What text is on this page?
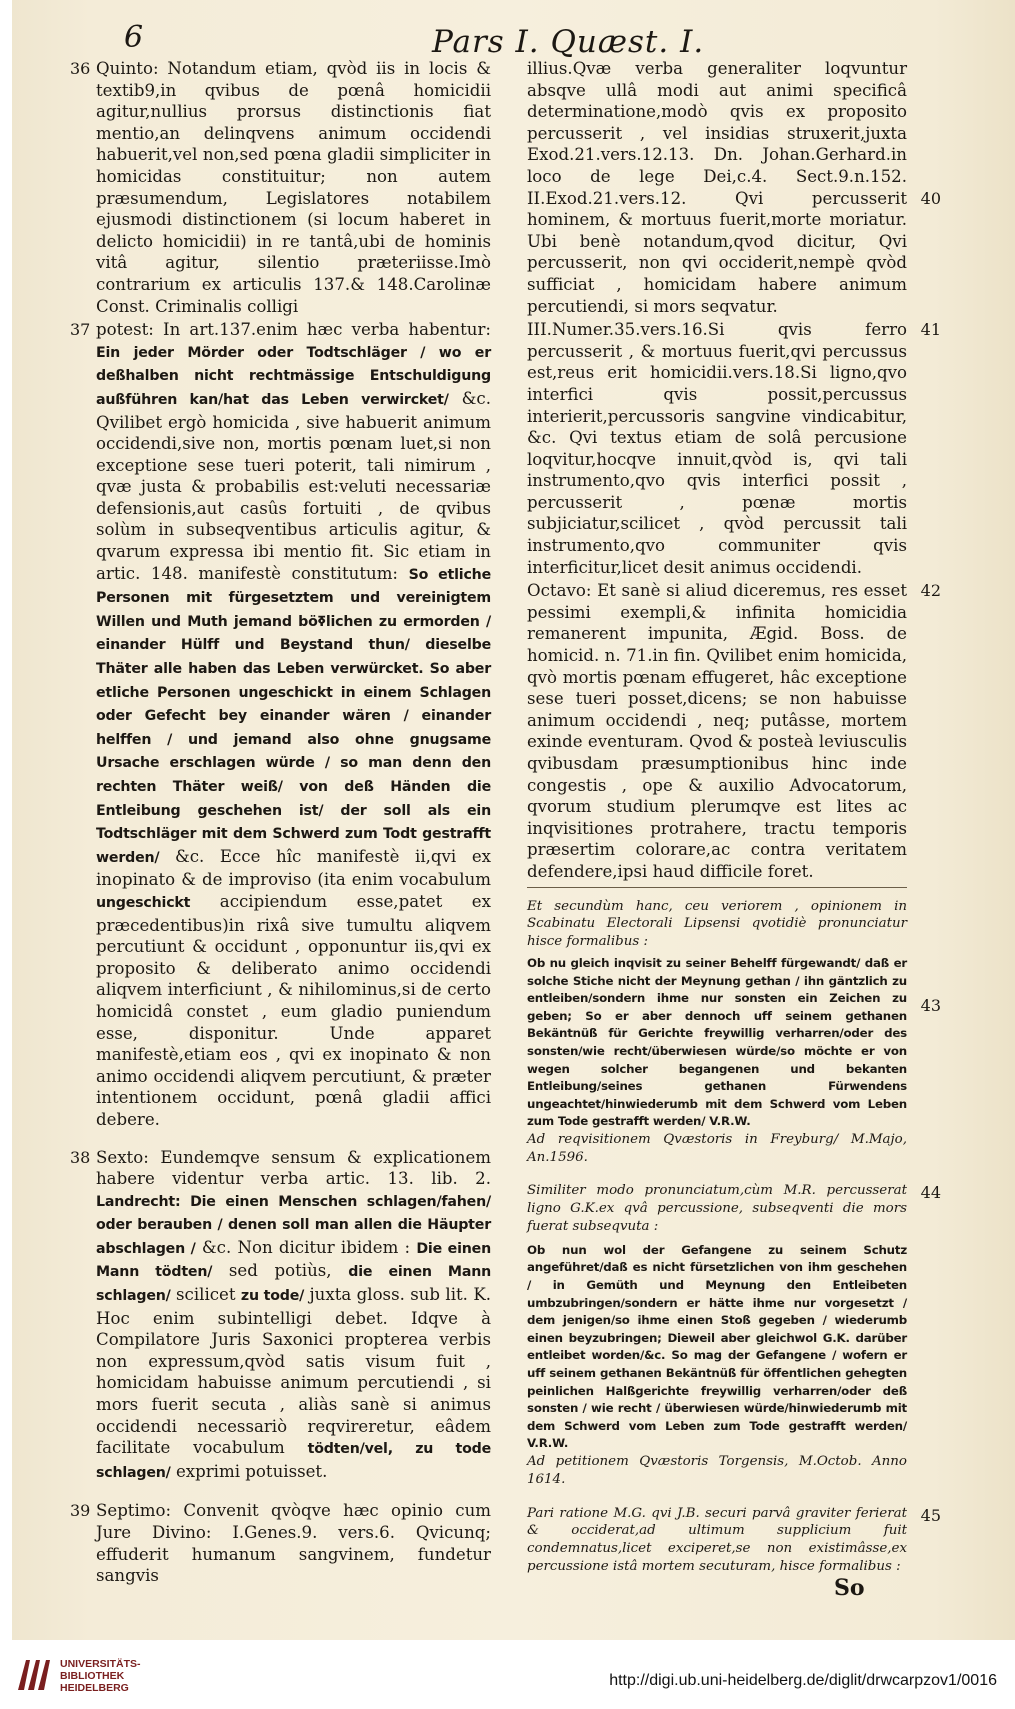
6	Pars I. Quæst. I.
36 Quinto: Notandum etiam, qvòd iis in locis & textib9,in qvibus de pœnâ homicidii agitur,nullius prorsus distinctionis fiat mentio,an delinqvens animum occidendi habuerit,vel non,sed pœna gladii simpliciter in homicidas constituitur; non autem præsumendum, Legislatores notabilem ejusmodi distinctionem (si locum haberet in delicto homicidii) in re tantâ,ubi de hominis vitâ agitur, silentio præteriisse.Imò contrarium ex articulis 137.& 148.Carolinæ Const. Criminalis colligi

37 potest: In art.137.enim hæc verba habentur: Ein jeder Mörder oder Todtschläger / wo er deßhalben nicht rechtmässige Entschuldigung außführen kan/hat das Leben verwircket/ &c. Qvilibet ergò homicida , sive habuerit animum occidendi,sive non, mortis pœnam luet,si non exceptione sese tueri poterit, tali nimirum , qvæ justa & probabilis est:veluti necessariæ defensionis,aut casûs fortuiti , de qvibus solùm in subseqventibus articulis agitur, & qvarum expressa ibi mentio fit. Sic etiam in artic. 148. manifestè constitutum: So etliche Personen mit fürgesetztem und vereinigtem Willen und Muth jemand böߧlichen zu ermorden / einander Hülff und Beystand thun/ dieselbe Thäter alle haben das Leben verwürcket. So aber etliche Personen ungeschickt in einem Schlagen oder Gefecht bey einander wären / einander helffen / und jemand also ohne gnugsame Ursache erschlagen würde / so man denn den rechten Thäter weiß/ von deß Händen die Entleibung geschehen ist/ der soll als ein Todtschläger mit dem Schwerd zum Todt gestrafft werden/ &c. Ecce hîc manifestè ii,qvi ex inopinato & de improviso (ita enim vocabulum ungeschickt accipiendum esse,patet ex præcedentibus)in rixâ sive tumultu aliqvem percutiunt & occidunt , opponuntur iis,qvi ex proposito & deliberato animo occidendi aliqvem interficiunt , & nihilominus,si de certo homicidâ constet , eum gladio puniendum esse, disponitur. Unde apparet manifestè,etiam eos , qvi ex inopinato & non animo occidendi aliqvem percutiunt, & præter intentionem occidunt, pœnâ gladii affici debere.

38 Sexto: Eundemqve sensum & explicationem habere videntur verba artic. 13. lib. 2. Landrecht: Die einen Menschen schlagen/fahen/ oder berauben / denen soll man allen die Häupter abschlagen / &c. Non dicitur ibidem : Die einen Mann tödten/ sed potiùs, die einen Mann schlagen/ scilicet zu tode/ juxta gloss. sub lit. K. Hoc enim subintelligi debet. Idqve à Compilatore Juris Saxonici propterea verbis non expressum,qvòd satis visum fuit , homicidam habuisse animum percutiendi , si mors fuerit secuta , aliàs sanè si animus occidendi necessariò reqvireretur, eâdem facilitate vocabulum tödten/vel, zu tode schlagen/ exprimi potuisset.

39 Septimo: Convenit qvòqve hæc opinio cum Jure Divino: I.Genes.9. vers.6. Qvicunq; effuderit humanum sangvinem, fundetur sangvis

40

illius.Qvæ verba generaliter loqvuntur absqve ullâ modi aut animi specificâ determinatione,modò qvis ex proposito percusserit , vel insidias struxerit,juxta Exod.21.vers.12.13. Dn. Johan.Gerhard.in loco de lege Dei,c.4. Sect.9.n.152. II.Exod.21.vers.12. Qvi percusserit hominem, & mortuus fuerit,morte moriatur. Ubi benè notandum,qvod dicitur, Qvi percusserit, non qvi occiderit,nempè qvòd sufficiat , homicidam habere animum percutiendi, si mors seqvatur.

41

III.Numer.35.vers.16.Si qvis ferro percusserit , & mortuus fuerit,qvi percussus est,reus erit homicidii.vers.18.Si ligno,qvo interfici qvis possit,percussus interierit,percussoris sangvine vindicabitur, &c. Qvi textus etiam de solâ percusione loqvitur,hocqve innuit,qvòd is, qvi tali instrumento,qvo qvis interfici possit , percusserit , pœnæ mortis subjiciatur,scilicet , qvòd percussit tali instrumento,qvo communiter qvis interficitur,licet desit animus occidendi.

42

Octavo: Et sanè si aliud diceremus, res esset pessimi exempli,& infinita homicidia remanerent impunita, Ægid. Boss. de homicid. n. 71.in fin. Qvilibet enim homicida, qvò mortis pœnam effugeret, hâc exceptione sese tueri posset,dicens; se non habuisse animum occidendi , neq; putâsse, mortem exinde eventuram. Qvod & posteà leviusculis qvibusdam præsumptionibus hinc inde congestis , ope & auxilio Advocatorum, qvorum studium plerumqve est lites ac inqvisitiones protrahere, tractu temporis præsertim colorare,ac contra veritatem defendere,ipsi haud difficile foret.

Et secundùm hanc, ceu veriorem , opinionem in Scabinatu Electorali Lipsensi qvotidiè pronunciatur hisce formalibus :

43

Ob nu gleich inqvisit zu seiner Behelff fürgewandt/ daß er solche Stiche nicht der Meynung gethan / ihn gäntzlich zu entleiben/sondern ihme nur sonsten ein Zeichen zu geben; So er aber dennoch uff seinem gethanen Bekäntnüß für Gerichte freywillig verharren/oder des sonsten/wie recht/überwiesen würde/so möchte er von wegen solcher begangenen und bekanten Entleibung/seines gethanen Fürwendens ungeachtet/hinwiederumb mit dem Schwerd vom Leben zum Tode gestrafft werden/ V.R.W.

Ad reqvisitionem Qvæstoris in Freyburg/ M.Majo, An.1596.

44

Similiter modo pronunciatum,cùm M.R. percusserat ligno G.K.ex qvâ percussione, subseqventi die mors fuerat subseqvuta :

Ob nun wol der Gefangene zu seinem Schutz angeführet/daß es nicht fürsetzlichen von ihm geschehen / in Gemüth und Meynung den Entleibeten umbzubringen/sondern er hätte ihme nur vorgesetzt / dem jenigen/so ihme einen Stoß gegeben / wiederumb einen beyzubringen; Dieweil aber gleichwol G.K. darüber entleibet worden/&c. So mag der Gefangene / wofern er uff seinem gethanen Bekäntnüß für öffentlichen gehegten peinlichen Halßgerichte freywillig verharren/oder deß sonsten / wie recht / überwiesen würde/hinwiederumb mit dem Schwerd vom Leben zum Tode gestrafft werden/ V.R.W.

Ad petitionem Qvæstoris Torgensis, M.Octob. Anno 1614.

45

Pari ratione M.G. qvi J.B. securi parvâ graviter ferierat & occiderat,ad ultimum supplicium fuit condemnatus,licet exciperet,se non existimâsse,ex percussione istâ mortem secuturam, hisce formalibus :

So
UNIVERSITÄTS-
BIBLIOTHEK
HEIDELBERG	http://digi.ub.uni-heidelberg.de/diglit/drwcarpzov1/0016
